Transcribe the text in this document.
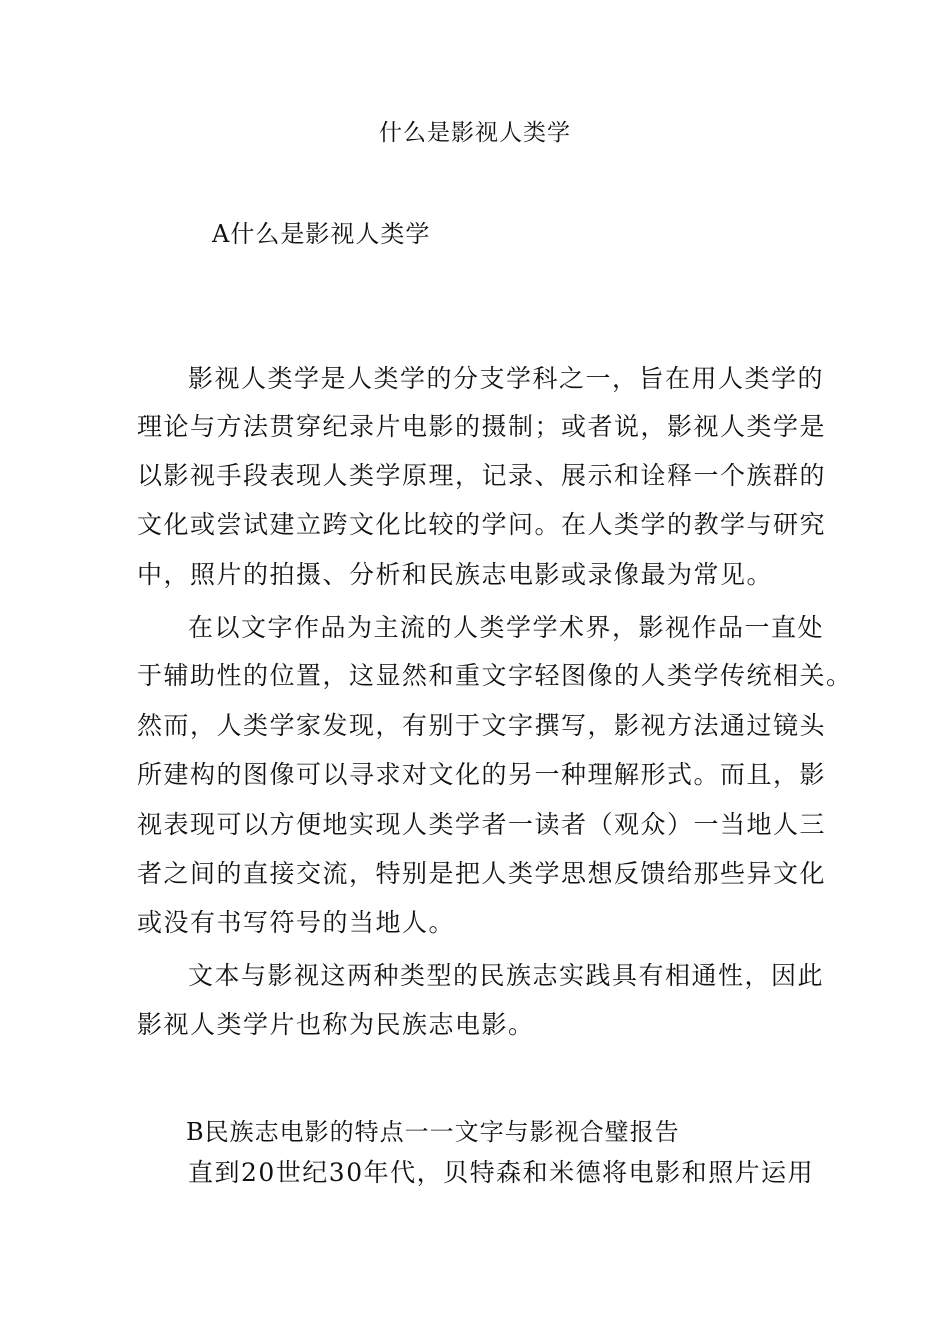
什么是影视人类学
A什么是影视人类学
影视人类学是人类学的分支学科之一，旨在用人类学的
理论与方法贯穿纪录片电影的摄制；或者说，影视人类学是
以影视手段表现人类学原理，记录、展示和诠释一个族群的
文化或尝试建立跨文化比较的学问。在人类学的教学与研究
中，照片的拍摄、分析和民族志电影或录像最为常见。
在以文字作品为主流的人类学学术界，影视作品一直处
于辅助性的位置，这显然和重文字轻图像的人类学传统相关。
然而，人类学家发现，有别于文字撰写，影视方法通过镜头
所建构的图像可以寻求对文化的另一种理解形式。而且，影
视表现可以方便地实现人类学者一读者（观众）一当地人三
者之间的直接交流，特别是把人类学思想反馈给那些异文化
或没有书写符号的当地人。
文本与影视这两种类型的民族志实践具有相通性，因此
影视人类学片也称为民族志电影。
B民族志电影的特点一一文字与影视合璧报告
直到20世纪30年代，贝特森和米德将电影和照片运用
